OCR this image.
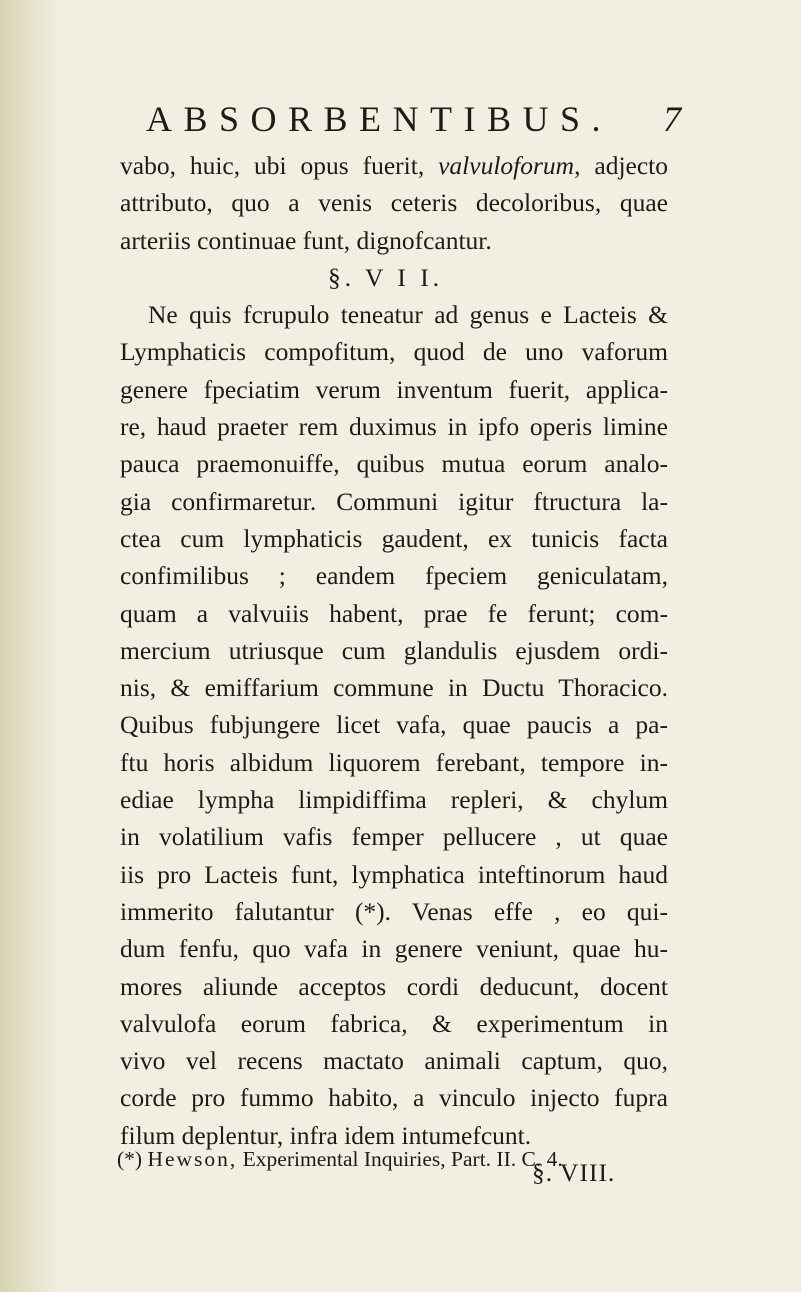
ABSORBENTIBUS.	7
vabo, huic, ubi opus fuerit, valvuloforum, adjecto
attributo, quo a venis ceteris decoloribus, quae
arteriis continuae funt, dignofcantur.
§. V I I.
Ne quis fcrupulo teneatur ad genus e Lacteis &
Lymphaticis compofitum, quod de uno vaforum
genere fpeciatim verum inventum fuerit, applica-
re, haud praeter rem duximus in ipfo operis limine
pauca praemonuiffe, quibus mutua eorum analo-
gia confirmaretur. Communi igitur ftructura la-
ctea cum lymphaticis gaudent, ex tunicis facta
confimilibus ; eandem fpeciem geniculatam,
quam a valvuiis habent, prae fe ferunt; com-
mercium utriusque cum glandulis ejusdem ordi-
nis, & emiffarium commune in Ductu Thoracico.
Quibus fubjungere licet vafa, quae paucis a pa-
ftu horis albidum liquorem ferebant, tempore in-
ediae lympha limpidiffima repleri, & chylum
in volatilium vafis femper pellucere , ut quae
iis pro Lacteis funt, lymphatica inteftinorum haud
immerito falutantur (*). Venas effe , eo qui-
dum fenfu, quo vafa in genere veniunt, quae hu-
mores aliunde acceptos cordi deducunt, docent
valvulofa eorum fabrica, & experimentum in
vivo vel recens mactato animali captum, quo,
corde pro fummo habito, a vinculo injecto fupra
filum deplentur, infra idem intumefcunt.
§. VIII.
(*) Hewson, Experimental Inquiries, Part. II. C. 4.
